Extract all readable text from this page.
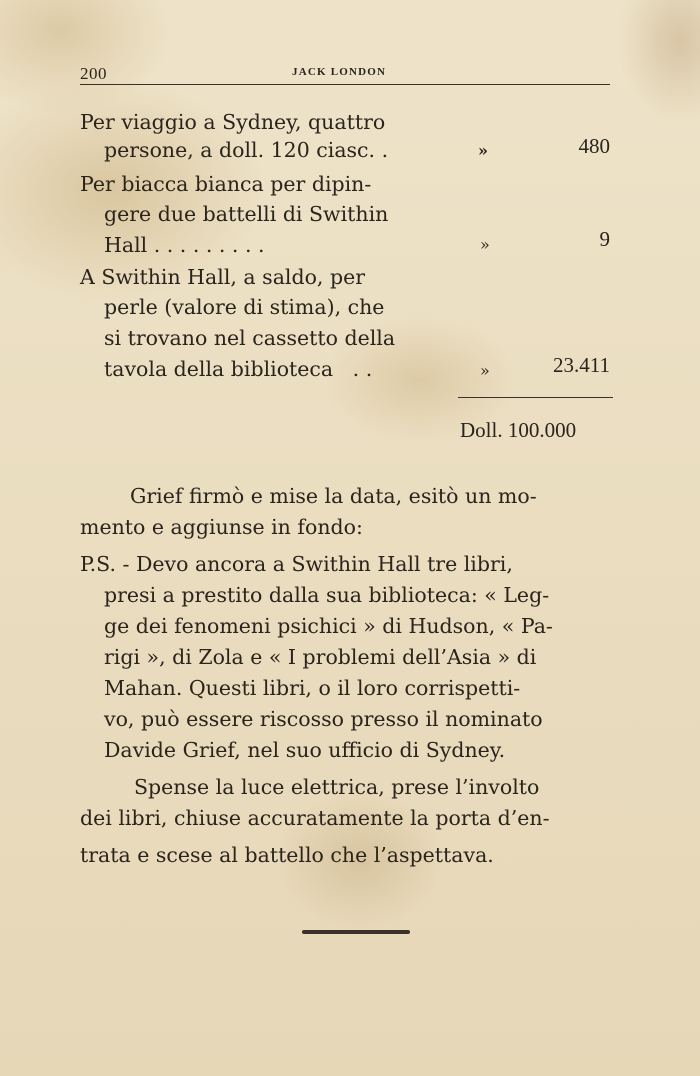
200	JACK LONDON
Per viaggio a Sydney, quattro
persone, a doll. 120 ciasc. .	»	480
Per biacca bianca per dipin-
gere due battelli di Swithin
Hall . . . . . . . . .	»	9
A Swithin Hall, a saldo, per
perle (valore di stima), che
si trovano nel cassetto della
tavola della biblioteca   . .	»	23.411
Doll. 100.000
Grief firmò e mise la data, esitò un mo-
mento e aggiunse in fondo:
P.S. - Devo ancora a Swithin Hall tre libri,
presi a prestito dalla sua biblioteca: « Leg-
ge dei fenomeni psichici » di Hudson, « Pa-
rigi », di Zola e « I problemi dell’Asia » di
Mahan. Questi libri, o il loro corrispetti-
vo, può essere riscosso presso il nominato
Davide Grief, nel suo ufficio di Sydney.
Spense la luce elettrica, prese l’involto
dei libri, chiuse accuratamente la porta d’en-
trata e scese al battello che l’aspettava.
